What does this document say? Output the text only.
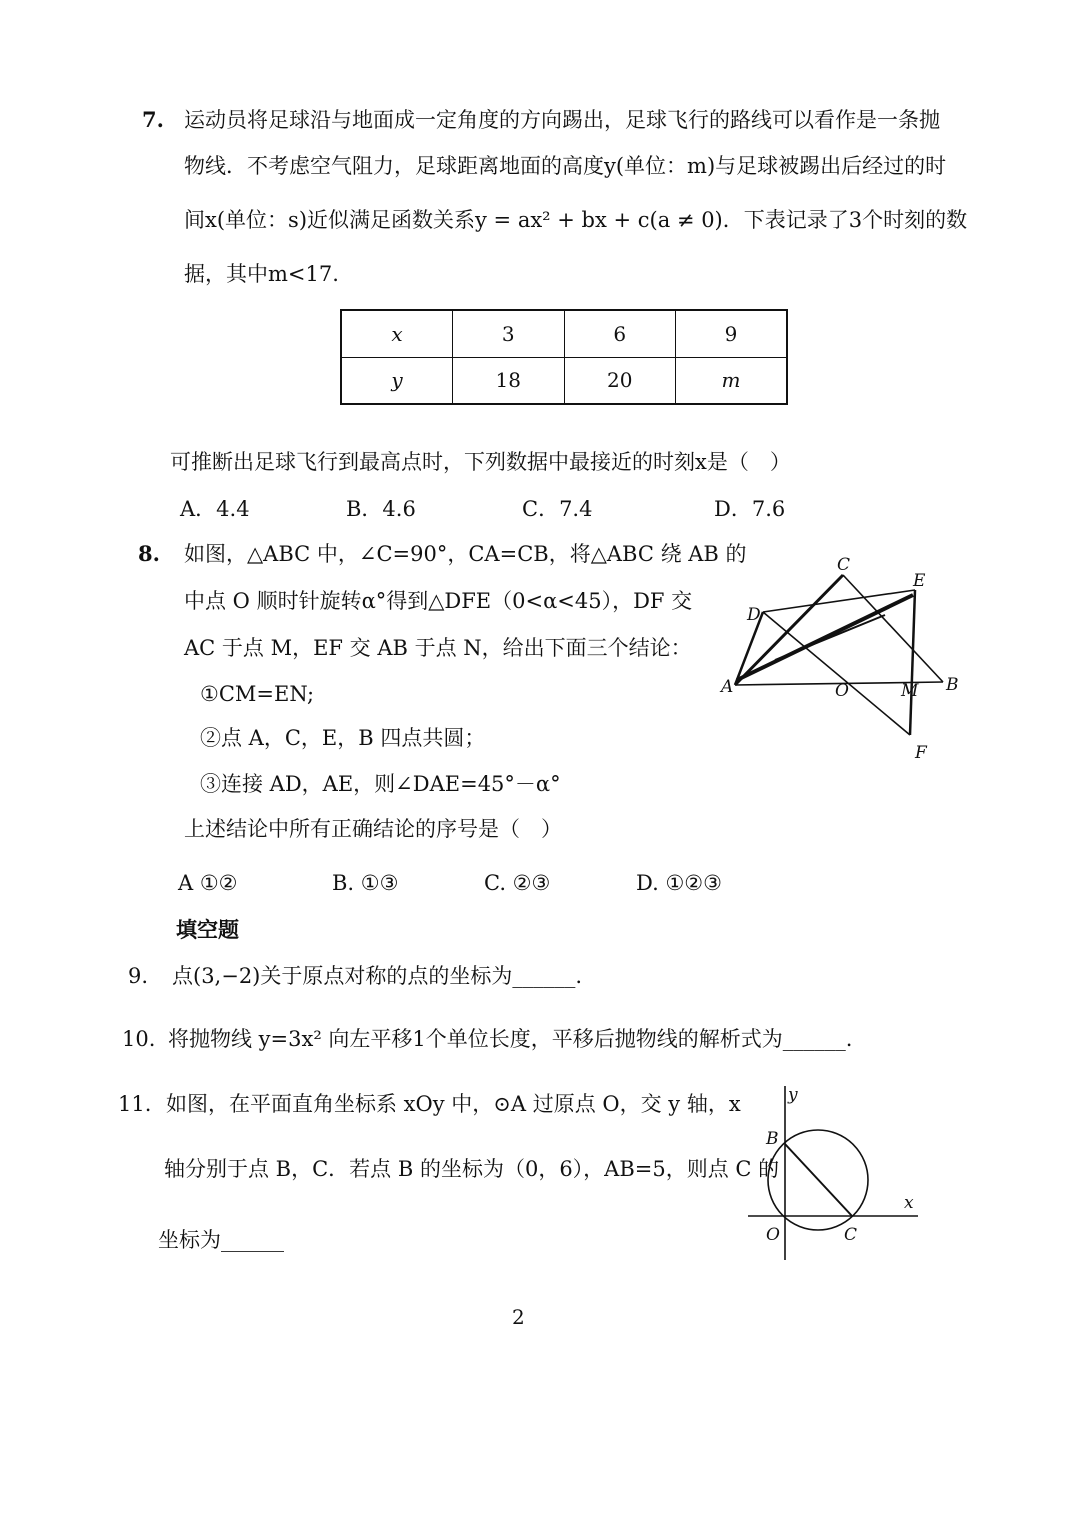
7. 运动员将足球沿与地面成一定角度的方向踢出，足球飞行的路线可以看作是一条抛
物线．不考虑空气阻力，足球距离地面的高度y(单位：m)与足球被踢出后经过的时
间x(单位：s)近似满足函数关系y = ax² + bx + c(a ≠ 0)．下表记录了3个时刻的数
据，其中m<17.
x	3	6	9
y	18	20	m
可推断出足球飞行到最高点时，下列数据中最接近的时刻x是（　）
A．4.4	B．4.6	C．7.4	D．7.6
8. 如图，△ABC 中，∠C=90°，CA=CB，将△ABC 绕 AB 的
中点 O 顺时针旋转α°得到△DFE（0<α<45），DF 交
AC 于点 M，EF 交 AB 于点 N，给出下面三个结论：
①CM=EN;
②点 A，C，E，B 四点共圆；
③连接 AD，AE，则∠DAE=45°－α°
上述结论中所有正确结论的序号是（　）
A ①②	B. ①③	C. ②③	D. ①②③
C
E
D
A	O	M B
F
填空题
9. 点(3,−2)关于原点对称的点的坐标为______.
10. 将抛物线 y=3x² 向左平移1个单位长度，平移后抛物线的解析式为______.
11. 如图，在平面直角坐标系 xOy 中，⊙A 过原点 O，交 y 轴，x
轴分别于点 B，C．若点 B 的坐标为（0，6），AB=5，则点 C 的
坐标为______
y
B
x
O	C
2
